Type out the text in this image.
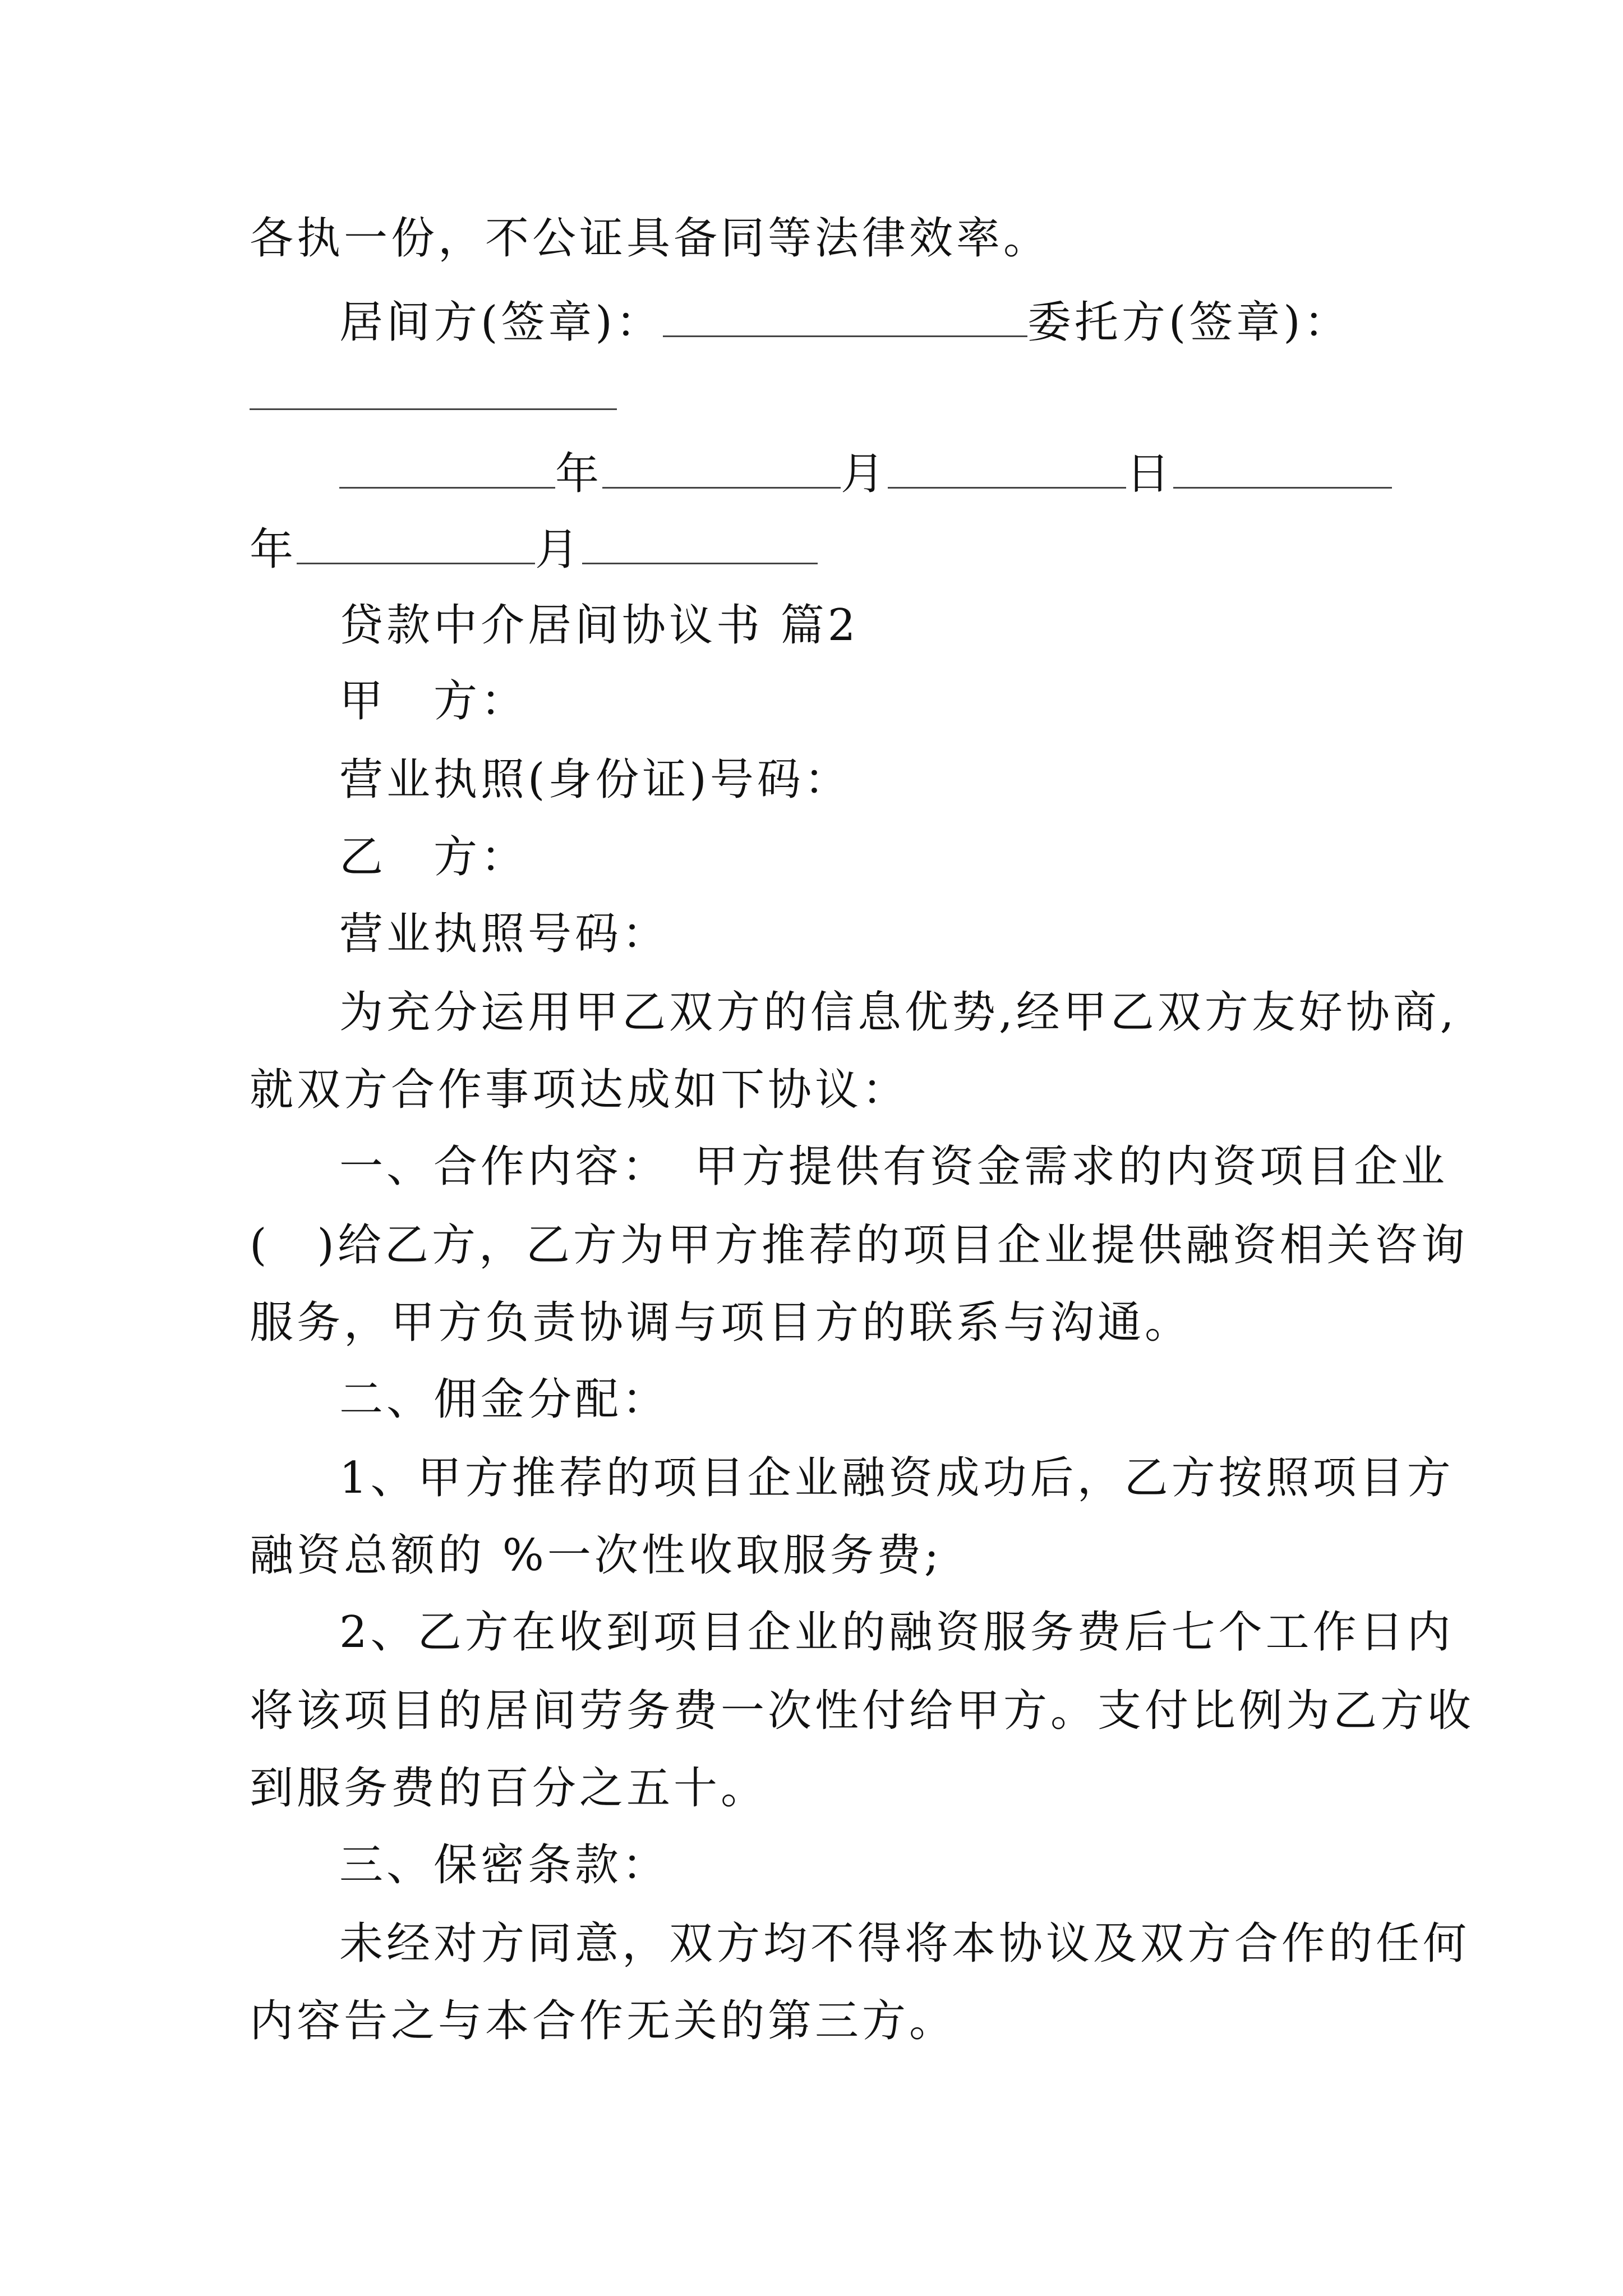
各执一份，不公证具备同等法律效率。
居间方(签章)：	委托方(签章)：
年	月	日
年	月
贷款中介居间协议书 篇2
甲　方：
营业执照(身份证)号码：
乙　方：
营业执照号码：
为充分运用甲乙双方的信息优势,经甲乙双方友好协商,
就双方合作事项达成如下协议：
一、合作内容：　甲方提供有资金需求的内资项目企业
(　)给乙方，乙方为甲方推荐的项目企业提供融资相关咨询
服务，甲方负责协调与项目方的联系与沟通。
二、佣金分配：
1、甲方推荐的项目企业融资成功后，乙方按照项目方
融资总额的 %一次性收取服务费;
2、乙方在收到项目企业的融资服务费后七个工作日内
将该项目的居间劳务费一次性付给甲方。支付比例为乙方收
到服务费的百分之五十。
三、保密条款：
未经对方同意，双方均不得将本协议及双方合作的任何
内容告之与本合作无关的第三方。
